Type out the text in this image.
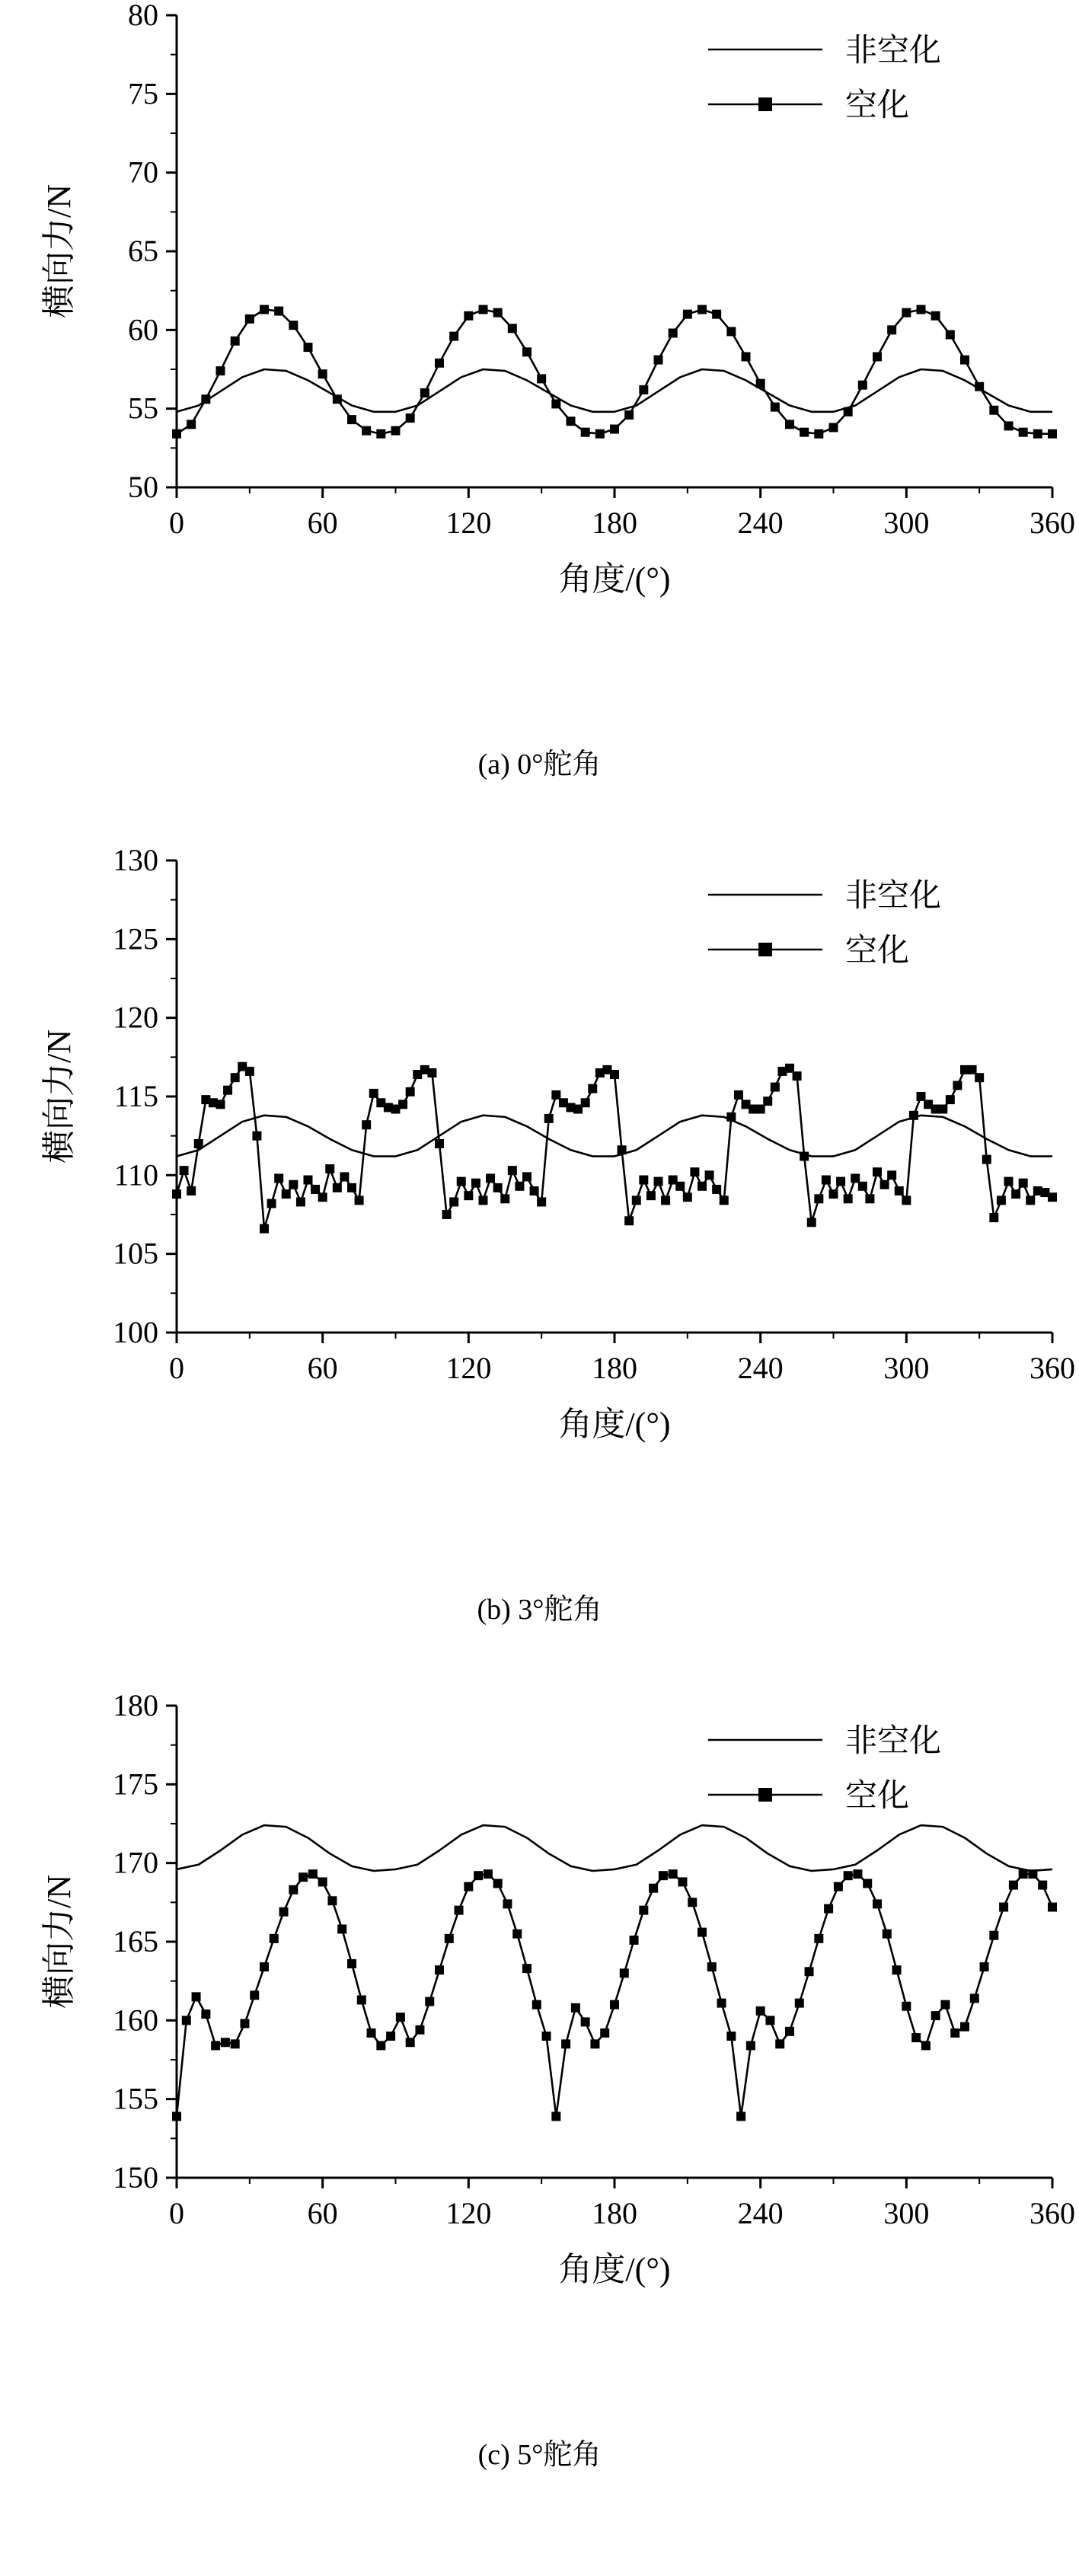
50
55
60
65
70
75
80
0	60	120	180	240	300	360
横向力/N
角度/(°)
非空化
空化
(a) 0°舵角
100
105
110
115
120
125
130
0	60	120	180	240	300	360
横向力/N
角度/(°)
非空化
空化
(b) 3°舵角
150
155
160
165
170
175
180
0	60	120	180	240	300	360
横向力/N
角度/(°)
非空化
空化
(c) 5°舵角
